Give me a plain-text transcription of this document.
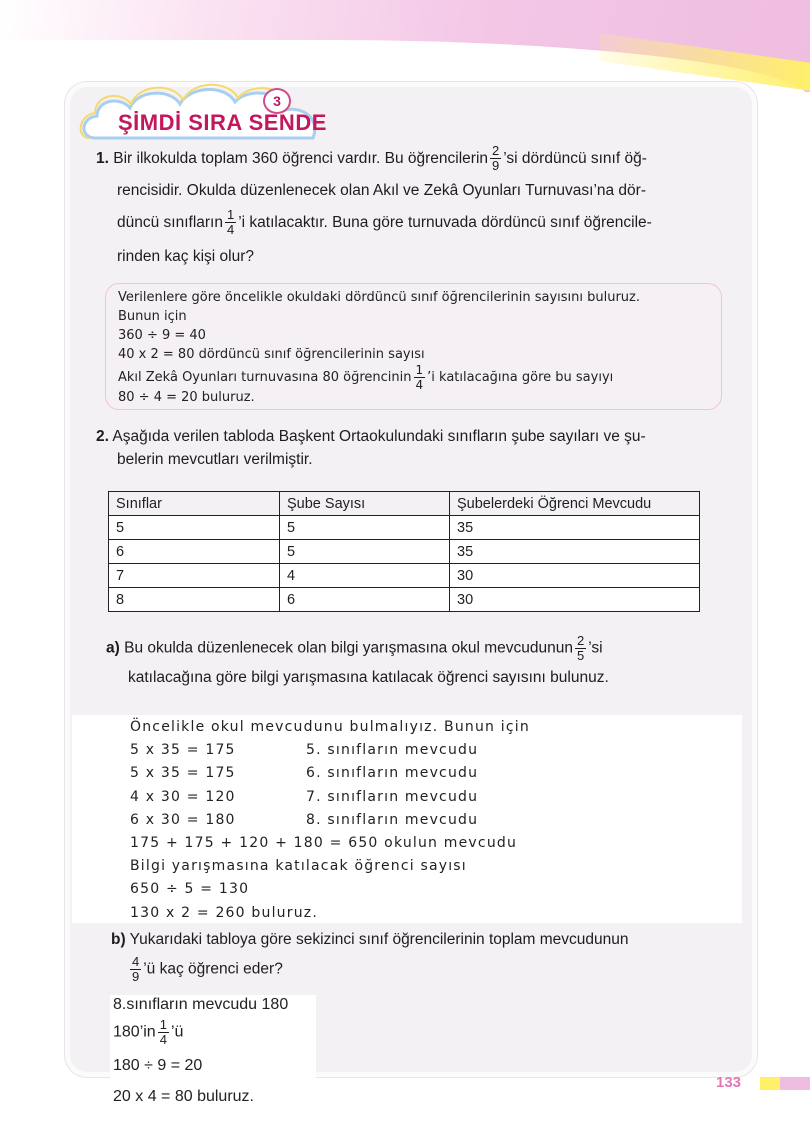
3
ŞİMDİ SIRA SENDE
1. Bir ilkokulda toplam 360 öğrenci vardır. Bu öğrencilerin $\frac{2}{9}$ ’si dördüncü sınıf öğ-
rencisidir. Okulda düzenlenecek olan Akıl ve Zekâ Oyunları Turnuvası’na dör-
düncü sınıfların $\frac{1}{4}$ ’i katılacaktır. Buna göre turnuvada dördüncü sınıf öğrencile-
rinden kaç kişi olur?
Verilenlere göre öncelikle okuldaki dördüncü sınıf öğrencilerinin sayısını buluruz.
Bunun için
360 ÷ 9 = 40
40 x 2 = 80 dördüncü sınıf öğrencilerinin sayısı
Akıl Zekâ Oyunları turnuvasına 80 öğrencinin $\frac{1}{4}$ ’i katılacağına göre bu sayıyı
80 ÷ 4 = 20 buluruz.
2. Aşağıda verilen tabloda Başkent Ortaokulundaki sınıfların şube sayıları ve şu-
belerin mevcutları verilmiştir.
Sınıflar	Şube Sayısı	Şubelerdeki Öğrenci Mevcudu
5	5	35
6	5	35
7	4	30
8	6	30
a) Bu okulda düzenlenecek olan bilgi yarışmasına okul mevcudunun $\frac{2}{5}$ ’si
katılacağına göre bilgi yarışmasına katılacak öğrenci sayısını bulunuz.
Öncelikle okul mevcudunu bulmalıyız. Bunun için
5 x 35 = 175	5. sınıfların mevcudu
5 x 35 = 175	6. sınıfların mevcudu
4 x 30 = 120	7. sınıfların mevcudu
6 x 30 = 180	8. sınıfların mevcudu
175 + 175 + 120 + 180 = 650 okulun mevcudu
Bilgi yarışmasına katılacak öğrenci sayısı
650 ÷ 5 = 130
130 x 2 = 260 buluruz.
b) Yukarıdaki tabloya göre sekizinci sınıf öğrencilerinin toplam mevcudunun
$\frac{4}{9}$ ’ü kaç öğrenci eder?
8.sınıfların mevcudu 180
180’in $\frac{1}{4}$ ’ü
180 ÷ 9 = 20
20 x 4 = 80 buluruz.
133
